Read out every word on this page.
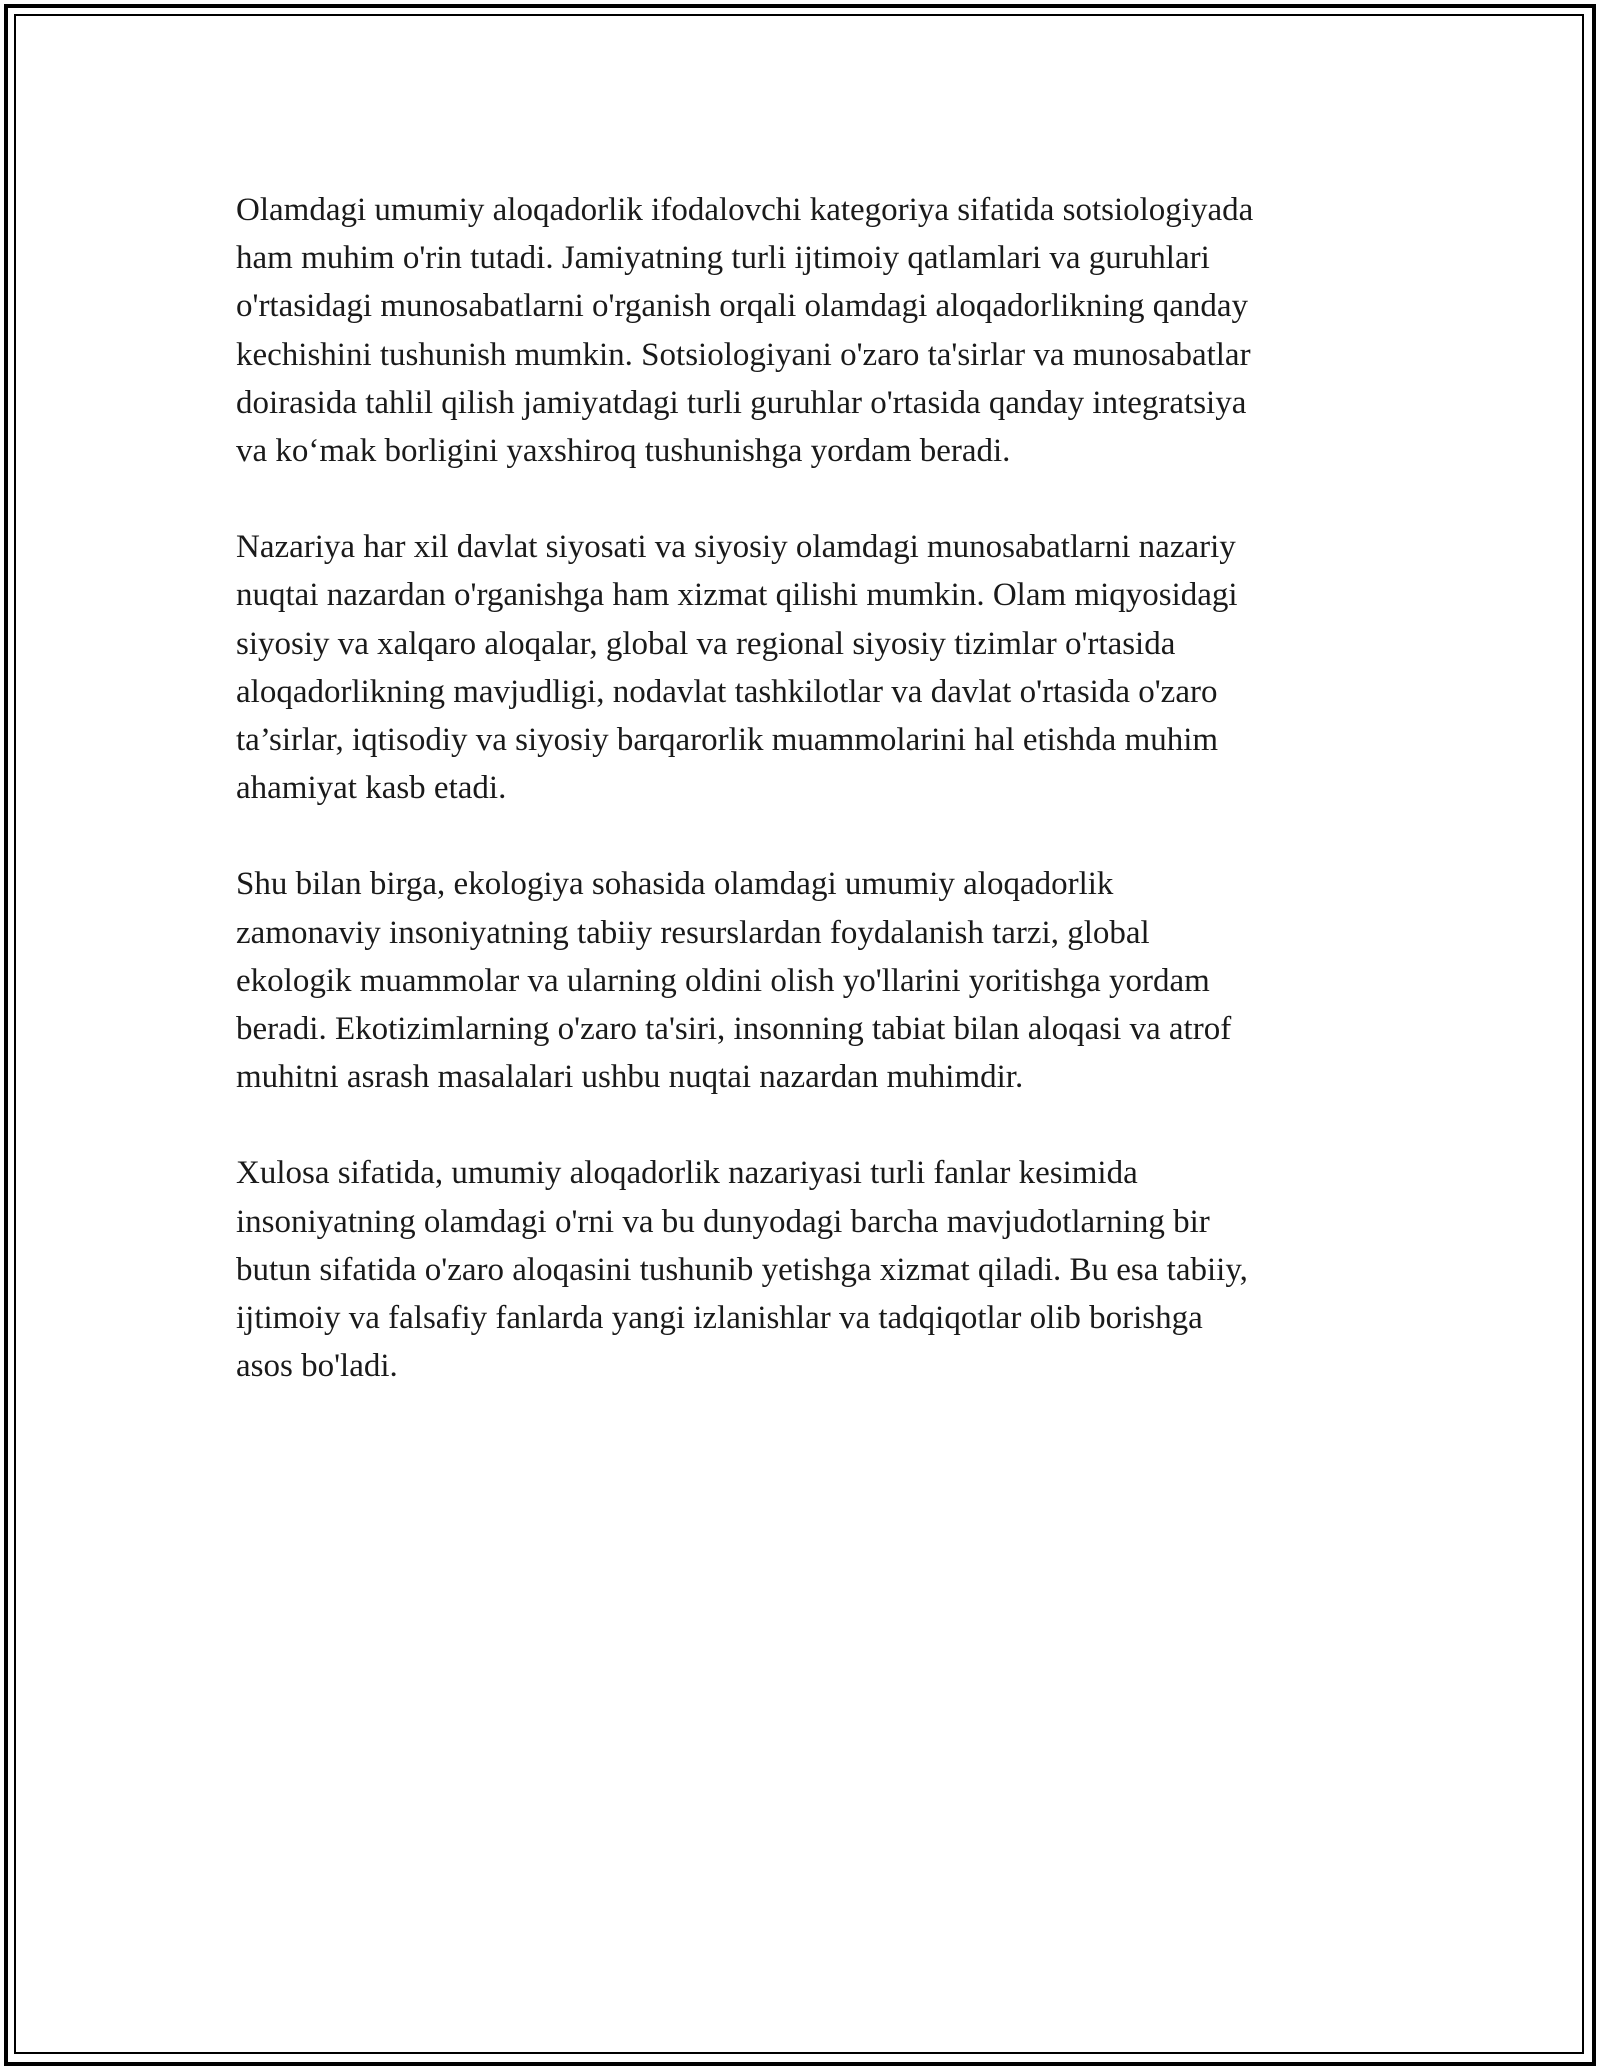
Olamdagi umumiy aloqadorlik ifodalovchi kategoriya sifatida sotsiologiyada
ham muhim o'rin tutadi. Jamiyatning turli ijtimoiy qatlamlari va guruhlari
o'rtasidagi munosabatlarni o'rganish orqali olamdagi aloqadorlikning qanday
kechishini tushunish mumkin. Sotsiologiyani o'zaro ta'sirlar va munosabatlar
doirasida tahlil qilish jamiyatdagi turli guruhlar o'rtasida qanday integratsiya
va ko‘mak borligini yaxshiroq tushunishga yordam beradi.

Nazariya har xil davlat siyosati va siyosiy olamdagi munosabatlarni nazariy
nuqtai nazardan o'rganishga ham xizmat qilishi mumkin. Olam miqyosidagi
siyosiy va xalqaro aloqalar, global va regional siyosiy tizimlar o'rtasida
aloqadorlikning mavjudligi, nodavlat tashkilotlar va davlat o'rtasida o'zaro
ta’sirlar, iqtisodiy va siyosiy barqarorlik muammolarini hal etishda muhim
ahamiyat kasb etadi.

Shu bilan birga, ekologiya sohasida olamdagi umumiy aloqadorlik
zamonaviy insoniyatning tabiiy resurslardan foydalanish tarzi, global
ekologik muammolar va ularning oldini olish yo'llarini yoritishga yordam
beradi. Ekotizimlarning o'zaro ta'siri, insonning tabiat bilan aloqasi va atrof
muhitni asrash masalalari ushbu nuqtai nazardan muhimdir.

Xulosa sifatida, umumiy aloqadorlik nazariyasi turli fanlar kesimida
insoniyatning olamdagi o'rni va bu dunyodagi barcha mavjudotlarning bir
butun sifatida o'zaro aloqasini tushunib yetishga xizmat qiladi. Bu esa tabiiy,
ijtimoiy va falsafiy fanlarda yangi izlanishlar va tadqiqotlar olib borishga
asos bo'ladi.
